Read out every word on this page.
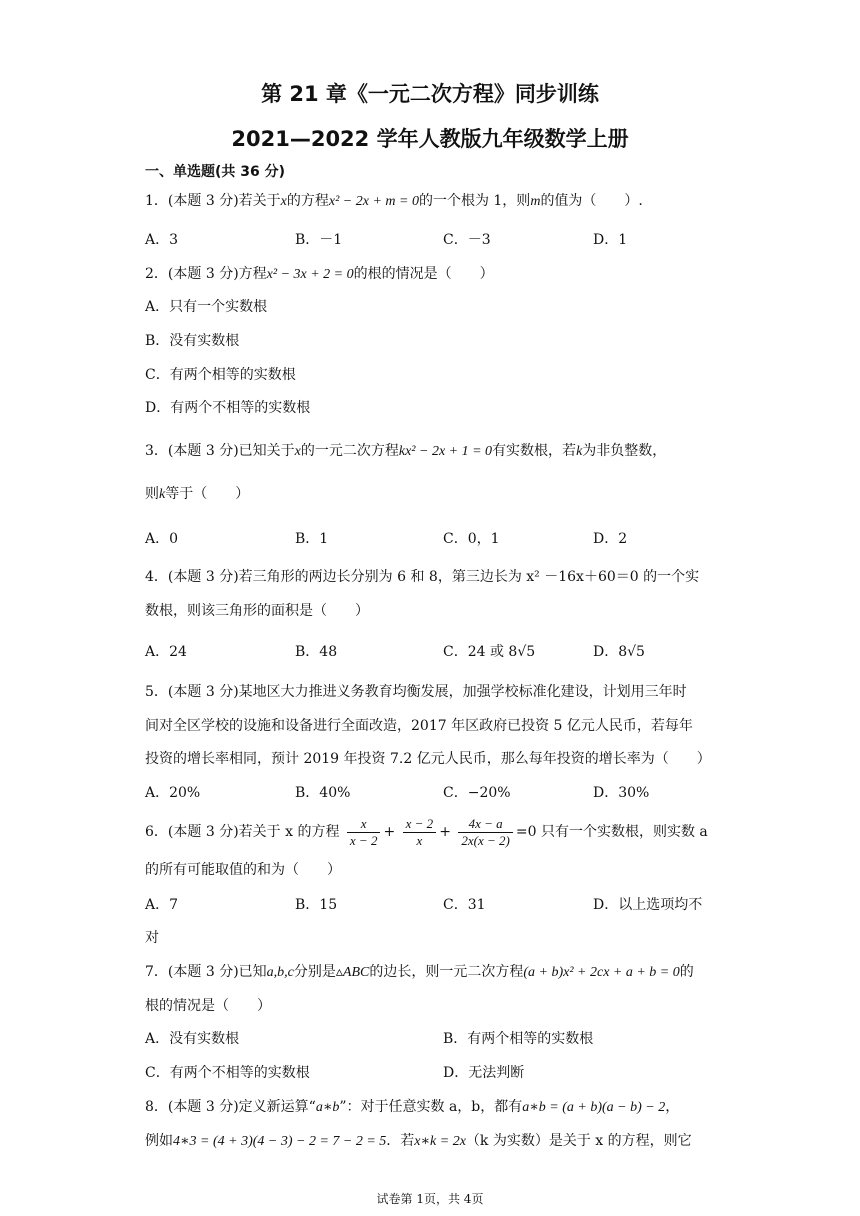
第 21 章《一元二次方程》同步训练
2021—2022 学年人教版九年级数学上册
一、单选题(共 36 分)
1．(本题 3 分)若关于x的方程x² − 2x + m = 0的一个根为 1，则m的值为（　　）.
A．3	B．－1	C．－3	D．1
2．(本题 3 分)方程x² − 3x + 2 = 0的根的情况是（　　）
A．只有一个实数根
B．没有实数根
C．有两个相等的实数根
D．有两个不相等的实数根
3．(本题 3 分)已知关于x的一元二次方程kx² − 2x + 1 = 0有实数根，若k为非负整数，
则k等于（　　）
A．0	B．1	C．0，1	D．2
4．(本题 3 分)若三角形的两边长分别为 6 和 8，第三边长为 x² －16x＋60＝0 的一个实
数根，则该三角形的面积是（　　）
A．24	B．48	C．24 或 8√5	D．8√5
5．(本题 3 分)某地区大力推进义务教育均衡发展，加强学校标准化建设，计划用三年时
间对全区学校的设施和设备进行全面改造，2017 年区政府已投资 5 亿元人民币，若每年
投资的增长率相同，预计 2019 年投资 7.2 亿元人民币，那么每年投资的增长率为（　　）
A．20%	B．40%	C．−20%	D．30%
6．(本题 3 分)若关于 x 的方程 $\frac{x}{x - 2} + \frac{x - 2}{x} + \frac{4x - a}{2x(x - 2)} =0$ 只有一个实数根，则实数 a
的所有可能取值的和为（　　）
A．7	B．15	C．31	D．以上选项均不
对
7．(本题 3 分)已知a,b,c分别是▵ABC的边长，则一元二次方程(a + b)x² + 2cx + a + b = 0的
根的情况是（　　）
A．没有实数根	B．有两个相等的实数根
C．有两个不相等的实数根	D．无法判断
8．(本题 3 分)定义新运算“a∗b”：对于任意实数 a，b，都有a∗b = (a + b)(a − b) − 2，
例如4∗3 = (4 + 3)(4 − 3) − 2 = 7 − 2 = 5．若x∗k = 2x（k 为实数）是关于 x 的方程，则它
试卷第 1页，共 4页
